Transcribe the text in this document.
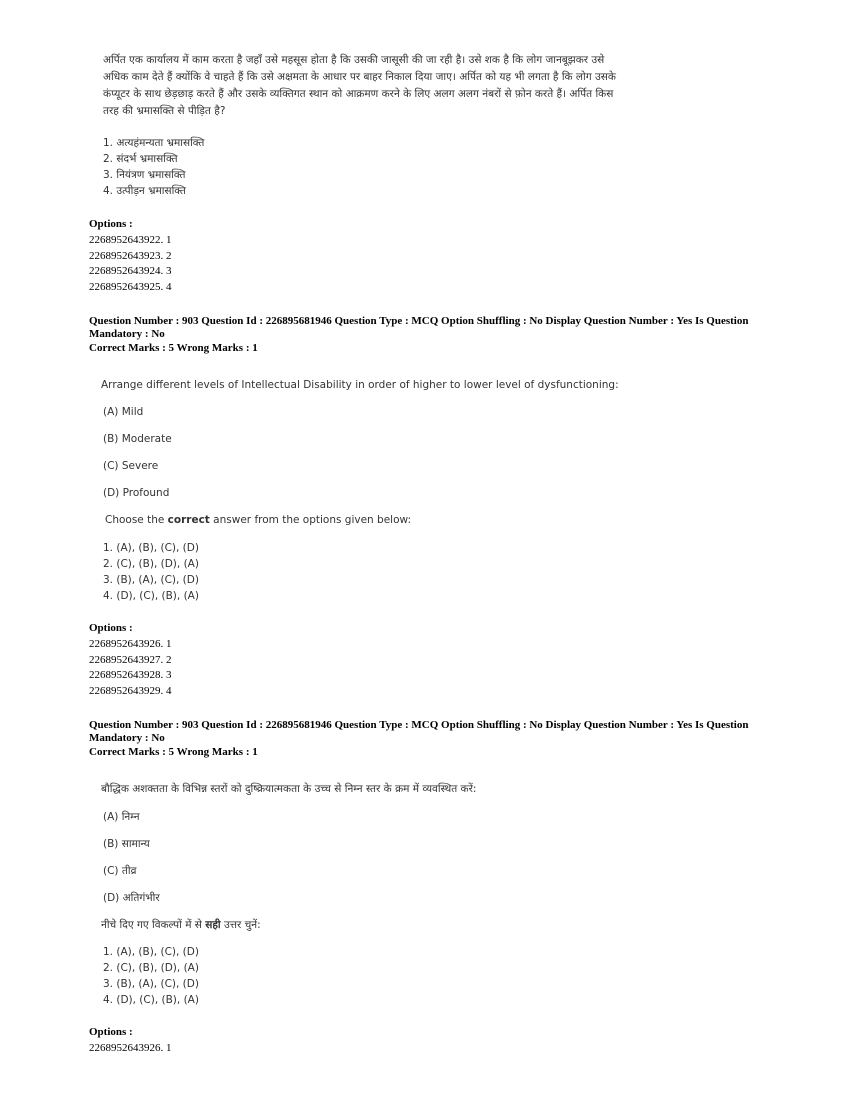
अर्पित एक कार्यालय में काम करता है जहाँ उसे महसूस होता है कि उसकी जासूसी की जा रही है। उसे शक है कि लोग जानबूझकर उसे
अधिक काम देते हैं क्योंकि वे चाहते हैं कि उसे अक्षमता के आधार पर बाहर निकाल दिया जाए। अर्पित को यह भी लगता है कि लोग उसके
कंप्यूटर के साथ छेड़छाड़ करते हैं और उसके व्यक्तिगत स्थान को आक्रमण करने के लिए अलग अलग नंबरों से फ़ोन करते हैं। अर्पित किस
तरह की भ्रमासक्ति से पीड़ित है?
1. अत्यहंमन्यता भ्रमासक्ति
2. संदर्भ भ्रमासक्ति
3. नियंत्रण भ्रमासक्ति
4. उत्पीड़न भ्रमासक्ति
Options :
2268952643922. 1
2268952643923. 2
2268952643924. 3
2268952643925. 4
Question Number : 903 Question Id : 226895681946 Question Type : MCQ Option Shuffling : No Display Question Number : Yes Is Question
Mandatory : No
Correct Marks : 5 Wrong Marks : 1
Arrange different levels of Intellectual Disability in order of higher to lower level of dysfunctioning:
(A) Mild
(B) Moderate
(C) Severe
(D) Profound
Choose the correct answer from the options given below:
1. (A), (B), (C), (D)
2. (C), (B), (D), (A)
3. (B), (A), (C), (D)
4. (D), (C), (B), (A)
Options :
2268952643926. 1
2268952643927. 2
2268952643928. 3
2268952643929. 4
Question Number : 903 Question Id : 226895681946 Question Type : MCQ Option Shuffling : No Display Question Number : Yes Is Question
Mandatory : No
Correct Marks : 5 Wrong Marks : 1
बौद्धिक अशक्तता के विभिन्न स्तरों को दुष्क्रियात्मकता के उच्च से निम्न स्तर के क्रम में व्यवस्थित करें:
(A) निम्न
(B) सामान्य
(C) तीव्र
(D) अतिगंभीर
नीचे दिए गए विकल्पों में से सही उत्तर चुनें:
1. (A), (B), (C), (D)
2. (C), (B), (D), (A)
3. (B), (A), (C), (D)
4. (D), (C), (B), (A)
Options :
2268952643926. 1
